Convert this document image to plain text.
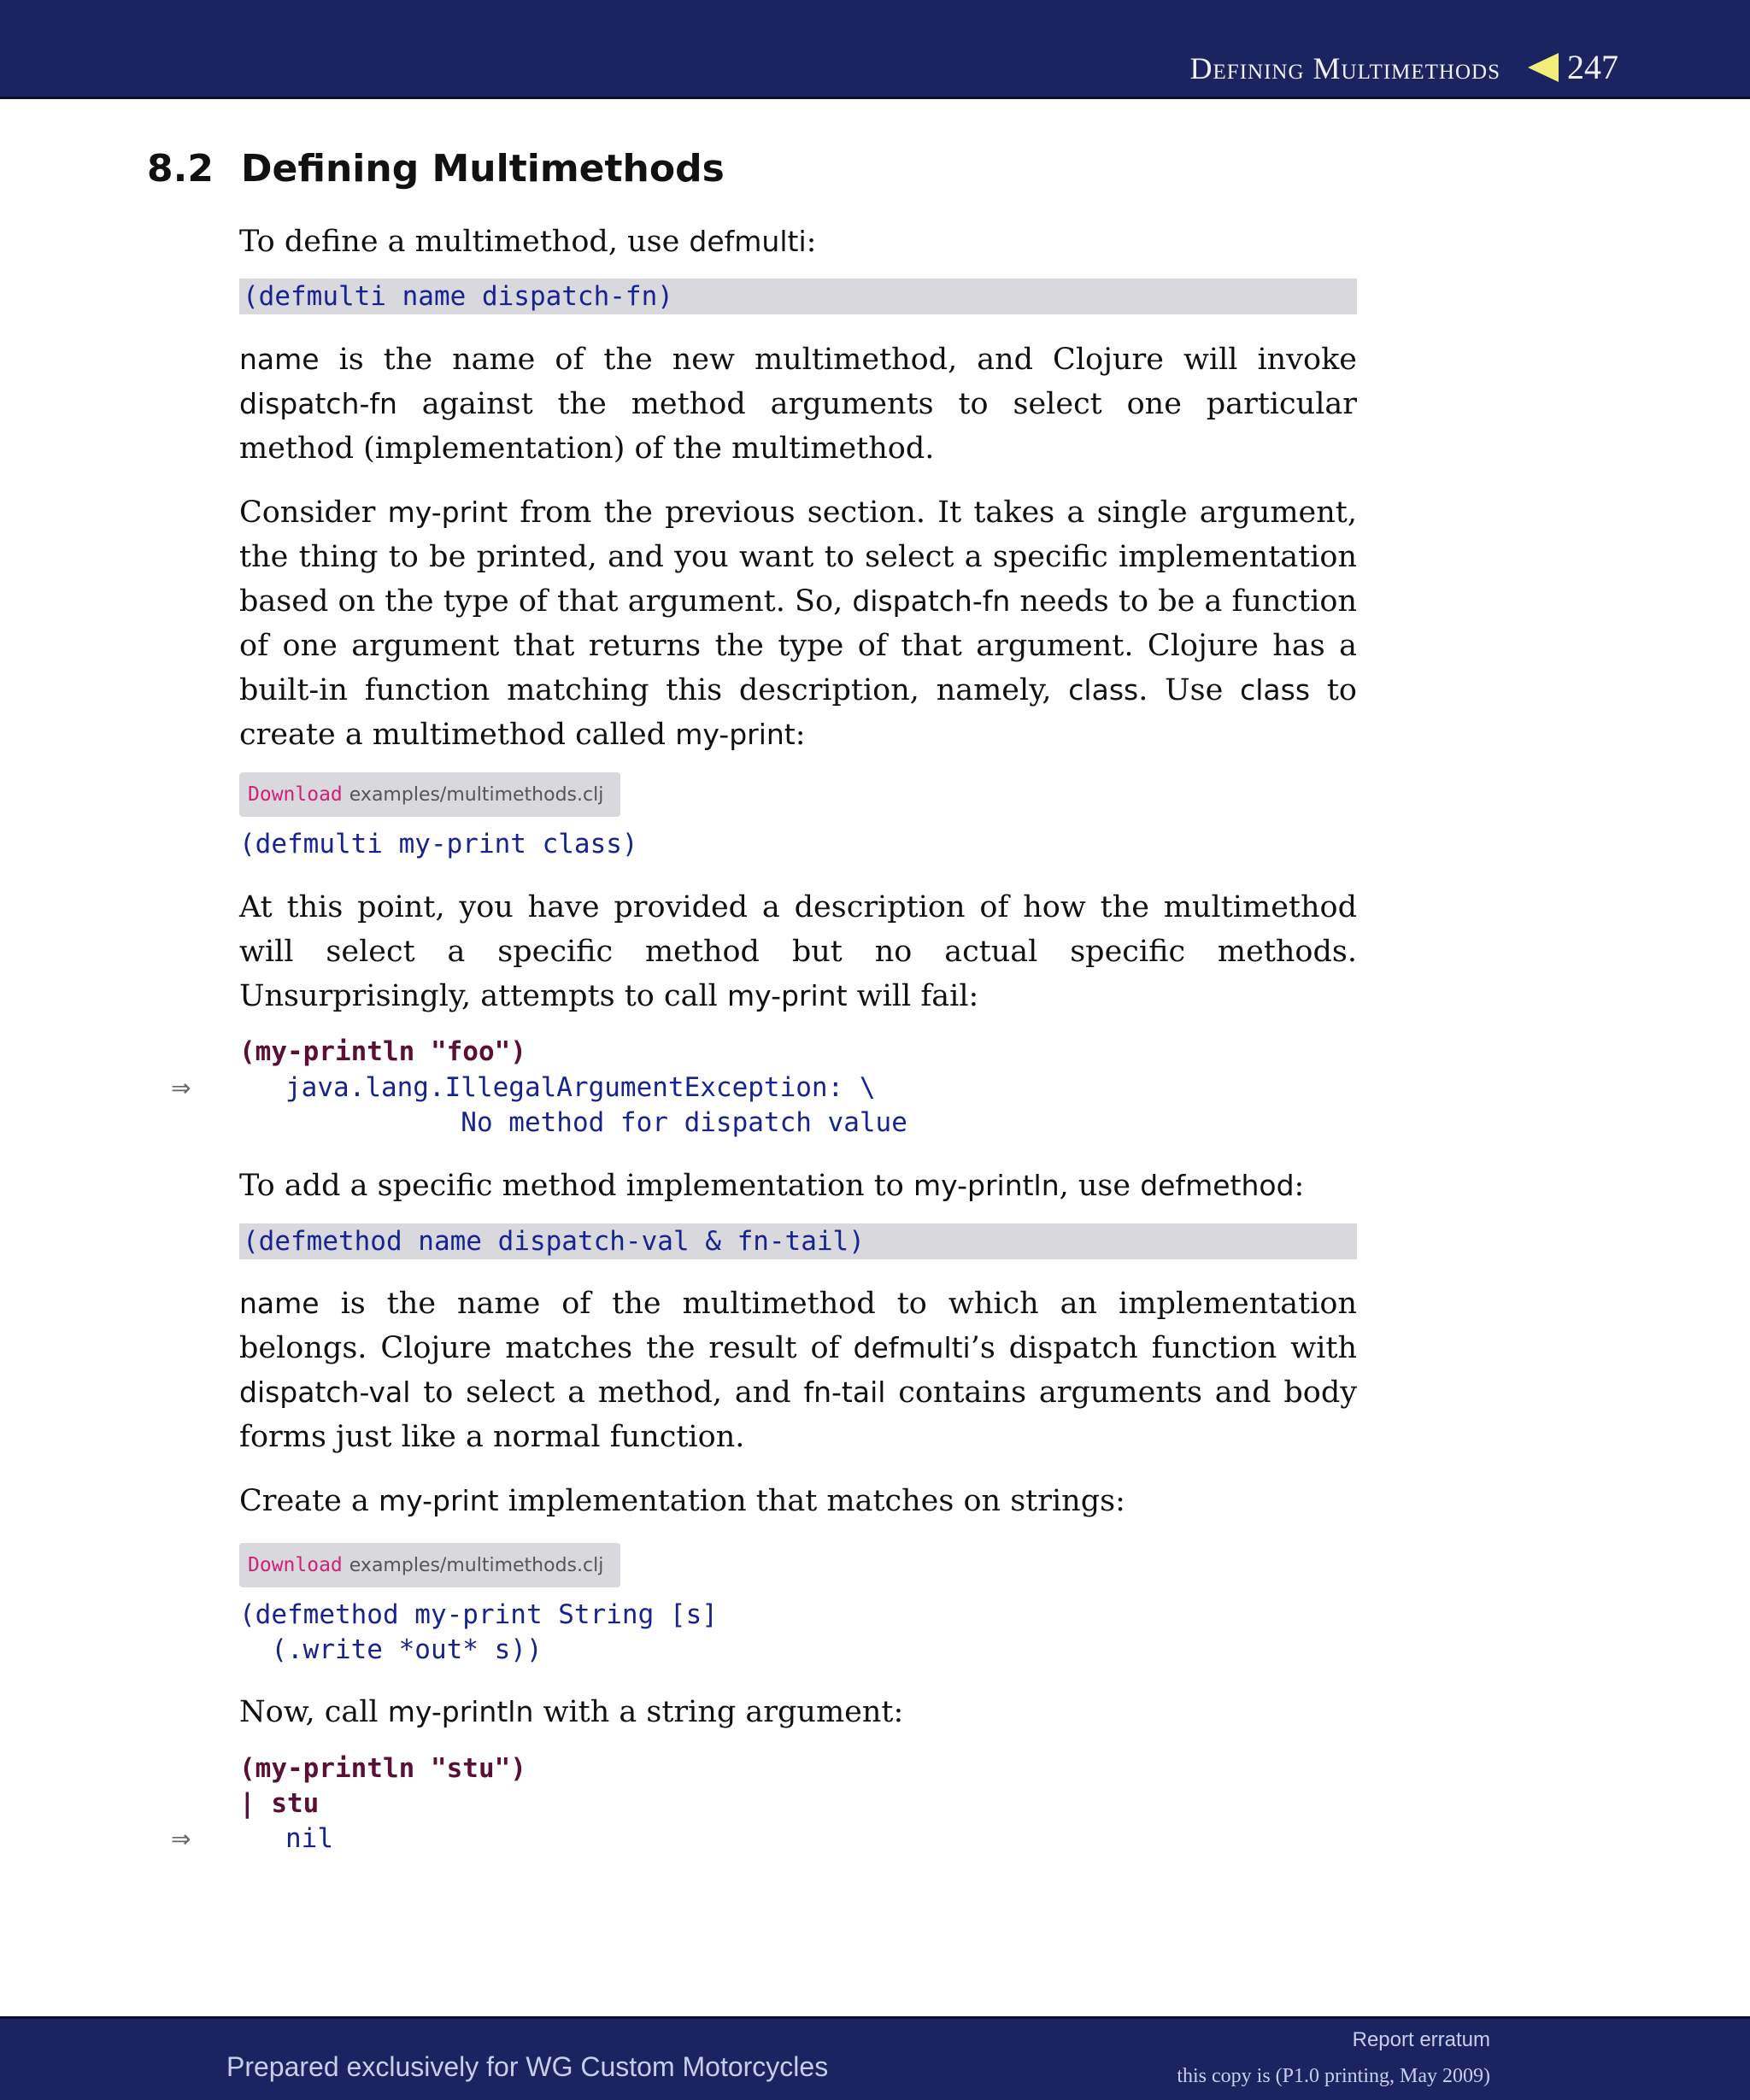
Defining Multimethods 247
8.2 Defining Multimethods

To define a multimethod, use defmulti:

(defmulti name dispatch-fn)

name is the name of the new multimethod, and Clojure will invoke dispatch-fn against the method arguments to select one particular method (implementation) of the multimethod.

Consider my-print from the previous section. It takes a single argument, the thing to be printed, and you want to select a specific implementation based on the type of that argument. So, dispatch-fn needs to be a function of one argument that returns the type of that argument. Clojure has a built-in function matching this description, namely, class. Use class to create a multimethod called my-print:

Download examples/multimethods.clj
(defmulti my-print class)

At this point, you have provided a description of how the multimethod will select a specific method but no actual specific methods. Unsurprisingly, attempts to call my-print will fail:

(my-println "foo")
⇒	java.lang.IllegalArgumentException: \
No method for dispatch value

To add a specific method implementation to my-println, use defmethod:

(defmethod name dispatch-val & fn-tail)

name is the name of the multimethod to which an implementation belongs. Clojure matches the result of defmulti’s dispatch function with dispatch-val to select a method, and fn-tail contains arguments and body forms just like a normal function.

Create a my-print implementation that matches on strings:

Download examples/multimethods.clj
(defmethod my-print String [s]
(.write *out* s))

Now, call my-println with a string argument:

(my-println "stu")
| stu
⇒	nil
Prepared exclusively for WG Custom Motorcycles
Report erratum
this copy is (P1.0 printing, May 2009)
